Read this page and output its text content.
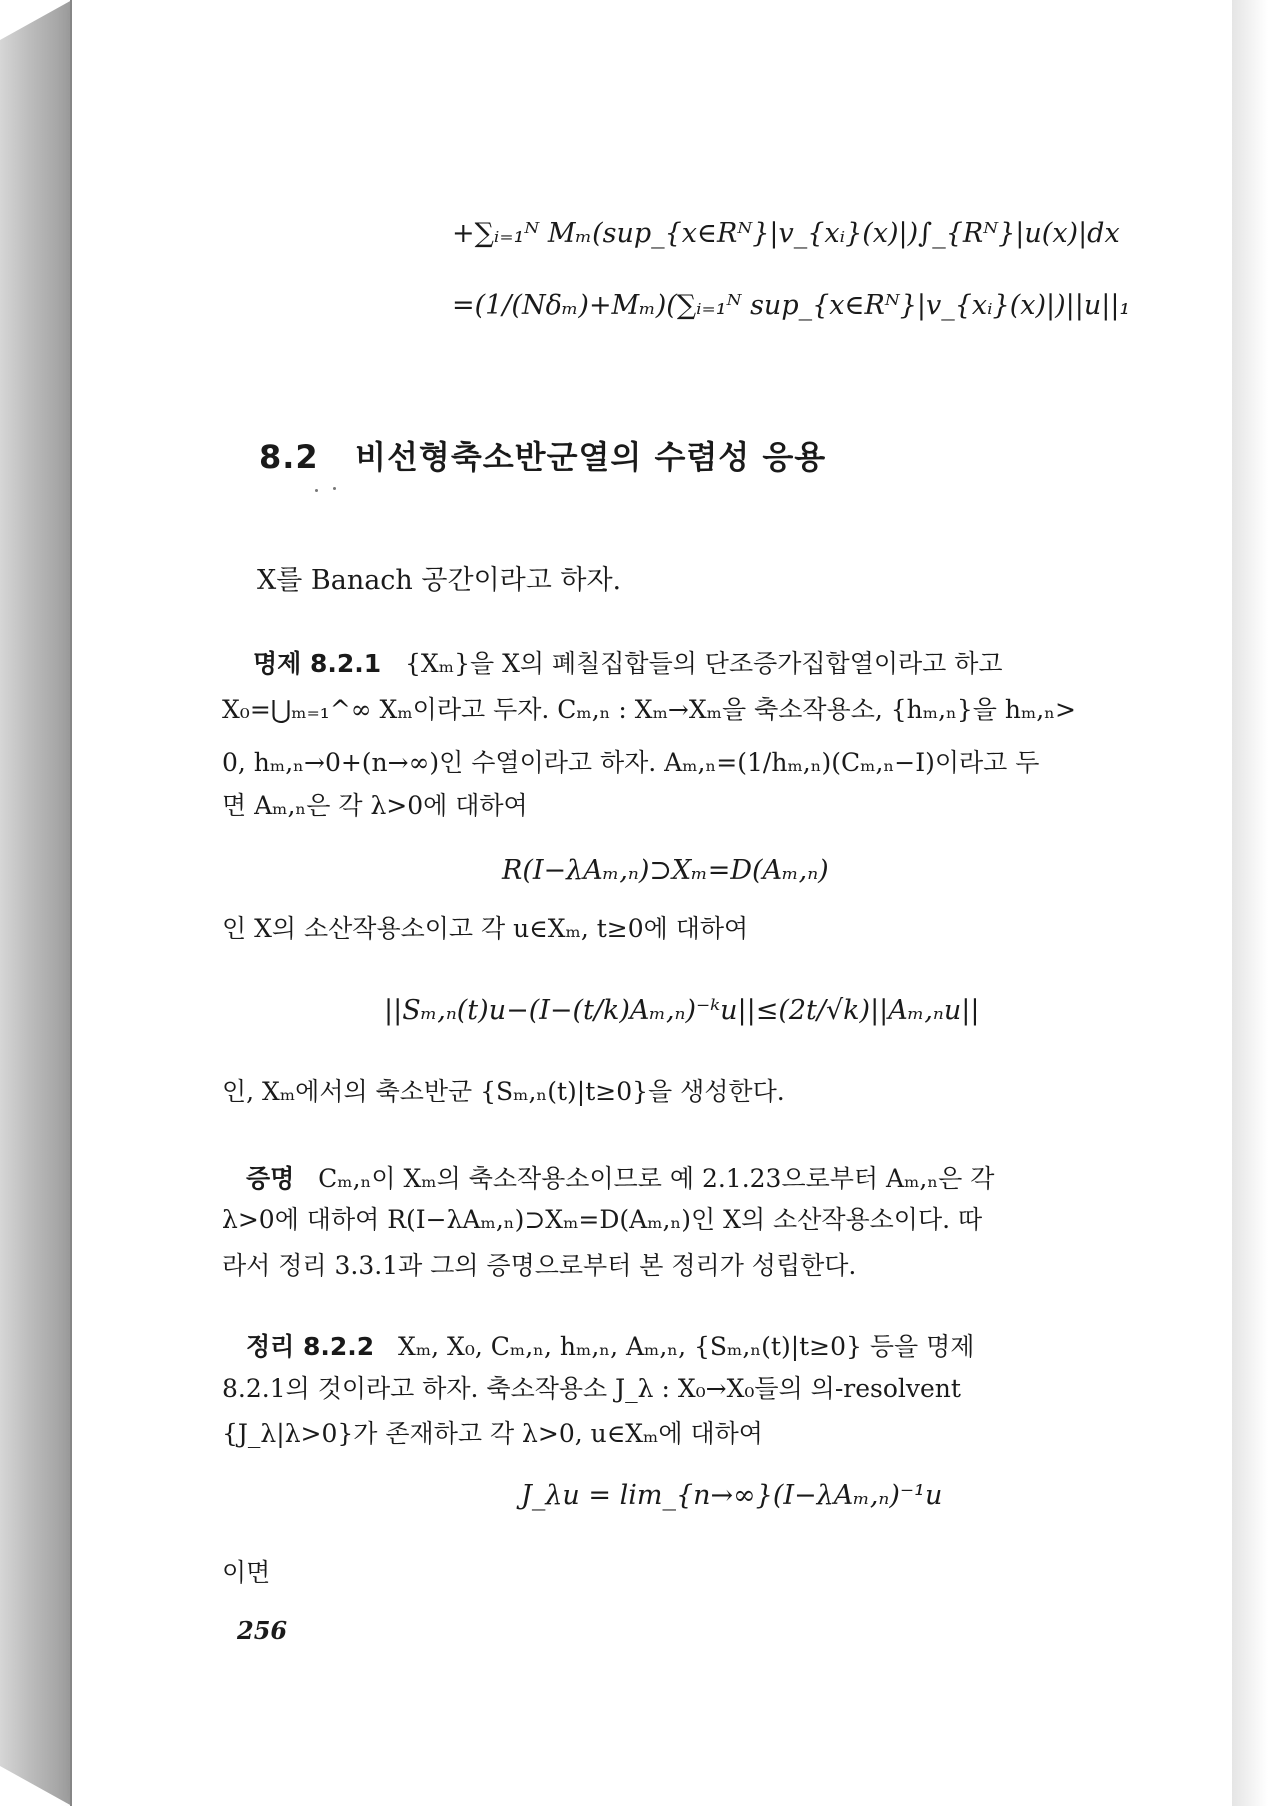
+∑ᵢ₌₁ᴺ Mₘ(sup_{x∈Rᴺ}|v_{xᵢ}(x)|)∫_{Rᴺ}|u(x)|dx
=(1/(Nδₘ)+Mₘ)(∑ᵢ₌₁ᴺ sup_{x∈Rᴺ}|v_{xᵢ}(x)|)||u||₁
8.2 비선형축소반군열의 수렴성 응용
X를 Banach 공간이라고 하자.
명제 8.2.1 {Xₘ}을 X의 폐칠집합들의 단조증가집합열이라고 하고
X₀=⋃ₘ₌₁^∞ Xₘ이라고 두자. Cₘ,ₙ : Xₘ→Xₘ을 축소작용소, {hₘ,ₙ}을 hₘ,ₙ>
0, hₘ,ₙ→0+(n→∞)인 수열이라고 하자. Aₘ,ₙ=(1/hₘ,ₙ)(Cₘ,ₙ−I)이라고 두
면 Aₘ,ₙ은 각 λ>0에 대하여
R(I−λAₘ,ₙ)⊃Xₘ=D(Aₘ,ₙ)
인 X의 소산작용소이고 각 u∈Xₘ, t≥0에 대하여
||Sₘ,ₙ(t)u−(I−(t/k)Aₘ,ₙ)⁻ᵏu||≤(2t/√k)||Aₘ,ₙu||
인, Xₘ에서의 축소반군 {Sₘ,ₙ(t)|t≥0}을 생성한다.
증명 Cₘ,ₙ이 Xₘ의 축소작용소이므로 예 2.1.23으로부터 Aₘ,ₙ은 각
λ>0에 대하여 R(I−λAₘ,ₙ)⊃Xₘ=D(Aₘ,ₙ)인 X의 소산작용소이다. 따
라서 정리 3.3.1과 그의 증명으로부터 본 정리가 성립한다.
정리 8.2.2 Xₘ, X₀, Cₘ,ₙ, hₘ,ₙ, Aₘ,ₙ, {Sₘ,ₙ(t)|t≥0} 등을 명제
8.2.1의 것이라고 하자. 축소작용소 J_λ : X₀→X₀들의 의-resolvent
{J_λ|λ>0}가 존재하고 각 λ>0, u∈Xₘ에 대하여
J_λu = lim_{n→∞}(I−λAₘ,ₙ)⁻¹u
이면
256
